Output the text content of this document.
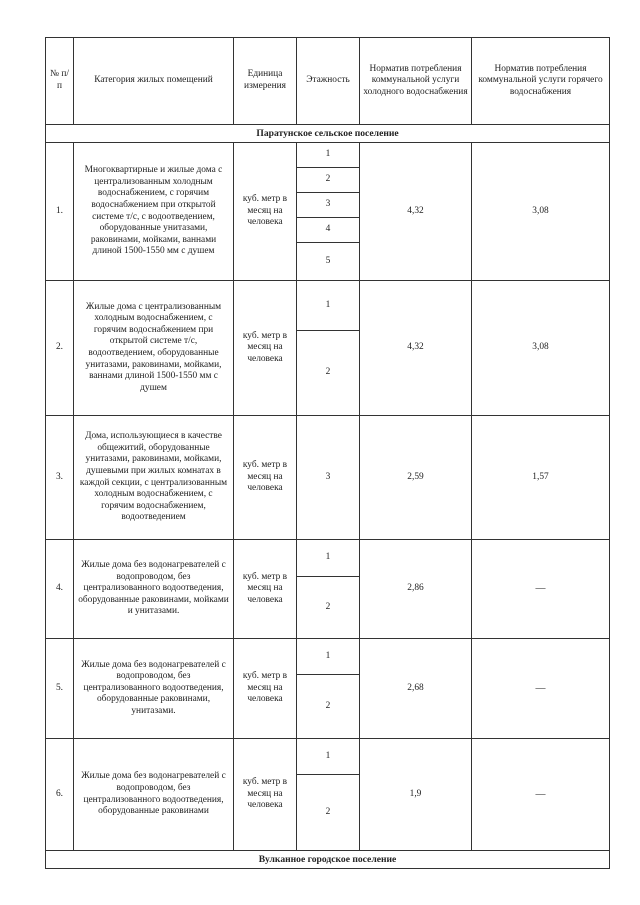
№ п/п	Категория жилых помещений	Единица измерения	Этажность	Норматив потребления коммунальной услуги холодного водоснабжения	Норматив потребления коммунальной услуги горячего водоснабжения
Паратунское сельское поселение					
1.	Многоквартирные и жилые дома с централизованным холодным водоснабжением, с горячим водоснабжением при открытой системе т/с, с водоотведением, оборудованные унитазами, раковинами, мойками, ваннами длиной 1500-1550 мм с душем	куб. метр в месяц на человека	1	4,32	3,08
			2		
			3		
			4		
			5		
2.	Жилые дома с централизованным холодным водоснабжением, с горячим водоснабжением при открытой системе т/с, водоотведением, оборудованные унитазами, раковинами, мойками, ваннами длиной 1500-1550 мм с душем	куб. метр в месяц на человека	1	4,32	3,08
			2		
3.	Дома, использующиеся в качестве общежитий, оборудованные унитазами, раковинами, мойками, душевыми при жилых комнатах в каждой секции, с централизованным холодным водоснабжением, с горячим водоснабжением, водоотведением	куб. метр в месяц на человека	3	2,59	1,57
4.	Жилые дома без водонагревателей с водопроводом, без централизованного водоотведения, оборудованные раковинами, мойками и унитазами.	куб. метр в месяц на человека	1	2,86	—
			2		
5.	Жилые дома без водонагревателей с водопроводом, без централизованного водоотведения, оборудованные раковинами, унитазами.	куб. метр в месяц на человека	1	2,68	—
			2		
6.	Жилые дома без водонагревателей с водопроводом, без централизованного водоотведения, оборудованные раковинами	куб. метр в месяц на человека	1	1,9	—
			2		
Вулканное городское поселение					
